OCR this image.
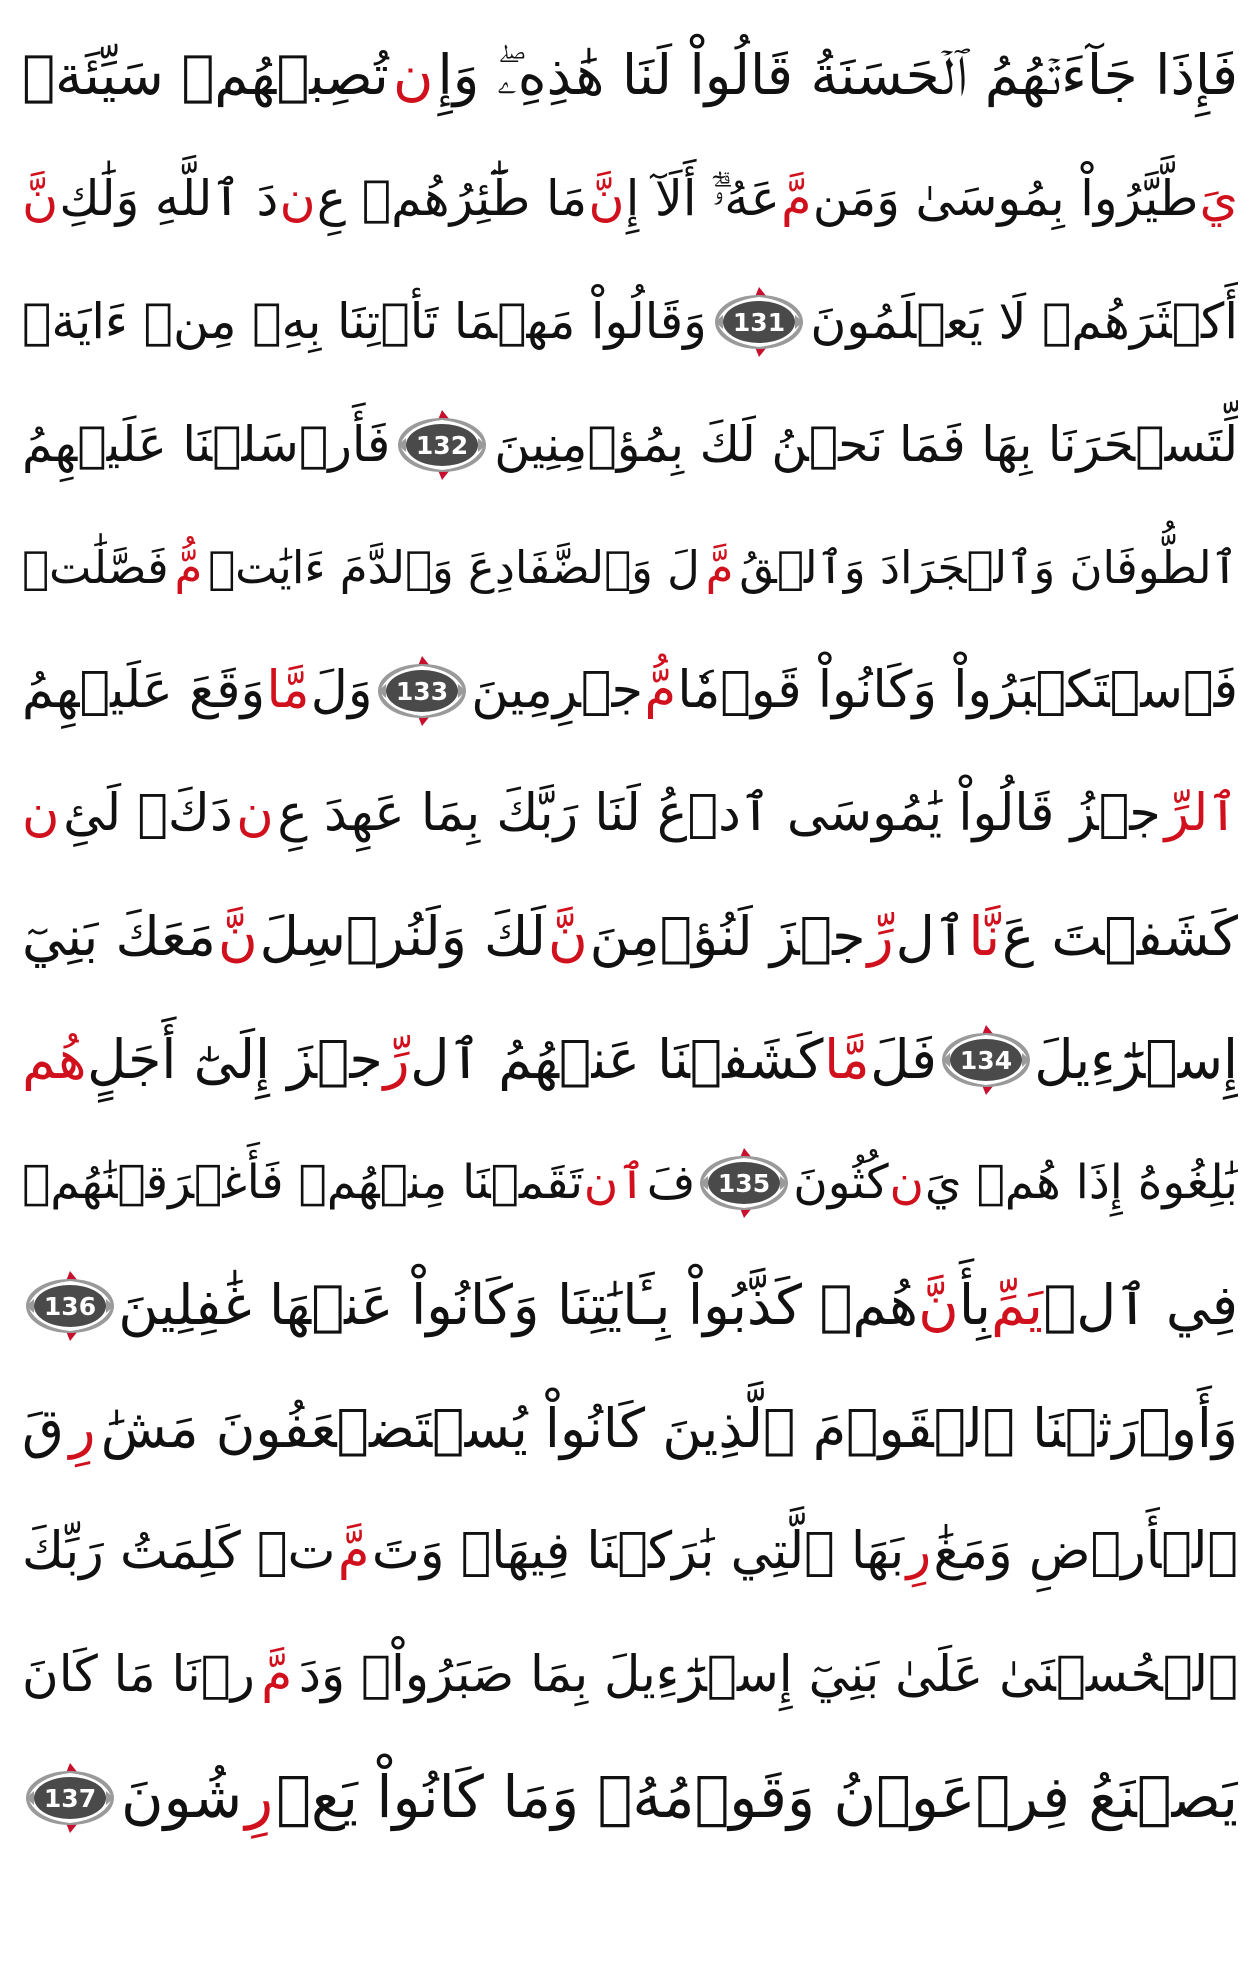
فَإِذَا جَآءَتۡهُمُ ٱلۡحَسَنَةُ قَالُواْ لَنَا هَٰذِهِۦۖ وَإِ
ن
تُصِبۡهُمۡ سَيِّئَةٞ
يَ
طَّيَّرُواْ بِمُوسَىٰ وَمَن
مَّ
عَهُۥٓۗ أَلَآ إِ
نَّ
مَا طَٰٓئِرُهُمۡ عِ
ن
دَ ٱللَّهِ وَلَٰكِ
نَّ
أَكۡثَرَهُمۡ لَا يَعۡلَمُونَ
131
وَقَالُواْ مَهۡمَا تَأۡتِنَا بِهِۦ مِنۡ ءَايَةٖ
لِّتَسۡحَرَنَا بِهَا فَمَا نَحۡنُ لَكَ بِمُؤۡمِنِينَ
132
فَأَرۡسَلۡنَا عَلَيۡهِمُ
ٱلطُّوفَانَ وَٱلۡجَرَادَ وَٱلۡقُ
مَّ
لَ وَٱلضَّفَادِعَ وَٱلدَّمَ ءَايَٰتٖ
مُّ
فَصَّلَٰتٖ
فَٱسۡتَكۡبَرُواْ وَكَانُواْ قَوۡمٗا
مُّ
جۡرِمِينَ
133
وَلَ
مَّا
وَقَعَ عَلَيۡهِمُ
ٱلرِّ
جۡزُ قَالُواْ يَٰمُوسَى ٱدۡعُ لَنَا رَبَّكَ بِمَا عَهِدَ عِ
ن
دَكَۖ لَئِ
ن
كَشَفۡتَ عَ
نَّا
ٱل
رِّ
جۡزَ لَنُؤۡمِنَ
نَّ
لَكَ وَلَنُرۡسِلَ
نَّ
مَعَكَ بَنِيٓ
إِسۡرَٰٓءِيلَ
134
فَلَ
مَّا
كَشَفۡنَا عَنۡهُمُ ٱل
رِّ
جۡزَ إِلَىٰٓ أَجَلٍ
هُم
بَٰلِغُوهُ إِذَا هُمۡ يَ
ن
كُثُونَ
135
فَ
ٱن
تَقَمۡنَا مِنۡهُمۡ فَأَغۡرَقۡنَٰهُمۡ
فِي ٱلۡ
يَمِّ
بِأَ
نَّ
هُمۡ كَذَّبُواْ بِـَٔايَٰتِنَا وَكَانُواْ عَنۡهَا غَٰفِلِينَ
136
وَأَوۡرَثۡنَا ٱلۡقَوۡمَ ٱلَّذِينَ كَانُواْ يُسۡتَضۡعَفُونَ مَشَٰ
رِ
قَ
ٱلۡأَرۡضِ وَمَغَٰ
رِ
بَهَا ٱلَّتِي بَٰرَكۡنَا فِيهَاۖ وَتَ
مَّ
تۡ كَلِمَتُ رَبِّكَ
ٱلۡحُسۡنَىٰ عَلَىٰ بَنِيٓ إِسۡرَٰٓءِيلَ بِمَا صَبَرُواْۖ وَدَ
مَّ
رۡنَا مَا كَانَ
يَصۡنَعُ فِرۡعَوۡنُ وَقَوۡمُهُۥ وَمَا كَانُواْ يَعۡ
رِ
شُونَ
137
